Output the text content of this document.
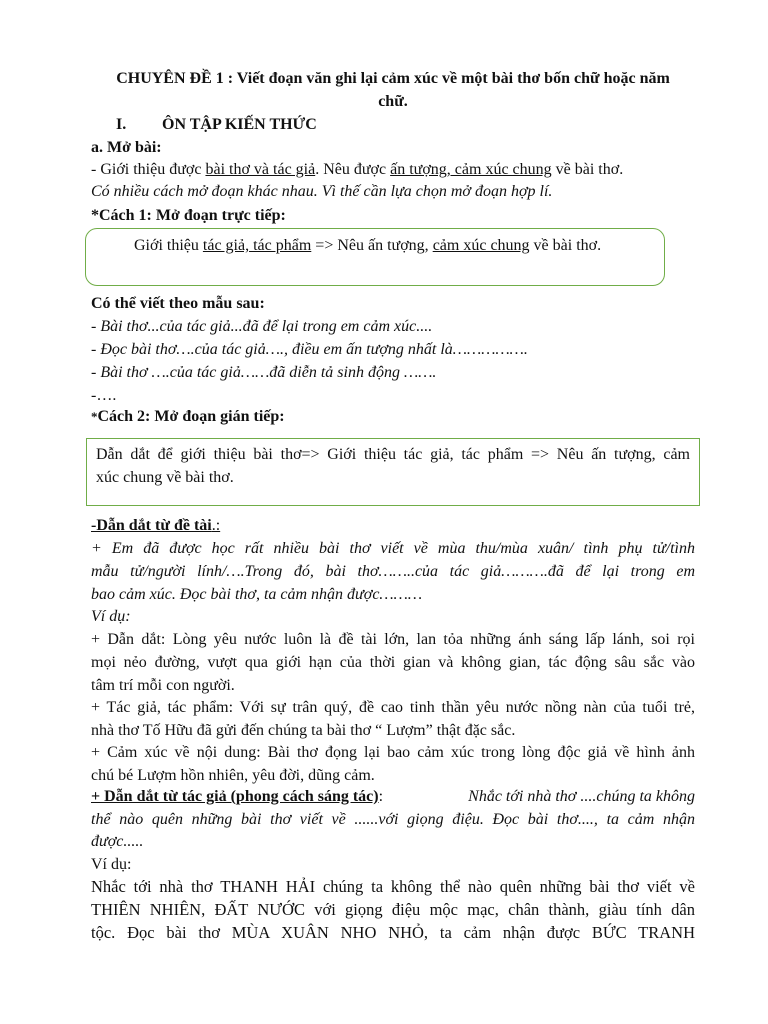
CHUYÊN ĐỀ 1 : Viết đoạn văn ghi lại cảm xúc về một bài thơ bốn chữ hoặc năm
chữ.
I.	ÔN TẬP KIẾN THỨC
a. Mở bài:
- Giới thiệu được bài thơ và tác giả. Nêu được ấn tượng, cảm xúc chung về bài thơ.
Có nhiều cách mở đoạn khác nhau. Vì thế cần lựa chọn mở đoạn hợp lí.
*Cách 1: Mở đoạn trực tiếp:
Giới thiệu tác giả, tác phẩm => Nêu ấn tượng, cảm xúc chung về bài thơ.
Có thể viết theo mẫu sau:
- Bài thơ...của tác giả...đã để lại trong em cảm xúc....
- Đọc bài thơ….của tác giả…., điều em ấn tượng nhất là…………….
- Bài thơ ….của tác giả……đã diễn tả sinh động …….
-….
*Cách 2: Mở đoạn gián tiếp:
Dẫn dắt để giới thiệu bài thơ=> Giới thiệu tác giả, tác phẩm => Nêu ấn tượng, cảm
xúc chung về bài thơ.
-Dẫn dắt từ đề tài.:
+ Em đã được học rất nhiều bài thơ viết về mùa thu/mùa xuân/ tình phụ tử/tình
mẫu tử/người lính/….Trong đó, bài thơ……..của tác giả……….đã để lại trong em
bao cảm xúc. Đọc bài thơ, ta cảm nhận được………
Ví dụ:
+ Dẫn dắt: Lòng yêu nước luôn là đề tài lớn, lan tỏa những ánh sáng lấp lánh, soi rọi
mọi nẻo đường, vượt qua giới hạn của thời gian và không gian, tác động sâu sắc vào
tâm trí mỗi con người.
+ Tác giả, tác phẩm: Với sự trân quý, đề cao tinh thần yêu nước nồng nàn của tuổi trẻ,
nhà thơ Tố Hữu đã gửi đến chúng ta bài thơ “ Lượm” thật đặc sắc.
+ Cảm xúc về nội dung: Bài thơ đọng lại bao cảm xúc trong lòng độc giả về hình ảnh
chú bé Lượm hồn nhiên, yêu đời, dũng cảm.
+ Dẫn dắt từ tác giả (phong cách sáng tác):	Nhắc tới nhà thơ ....chúng ta không
thể nào quên những bài thơ viết về ......với giọng điệu. Đọc bài thơ...., ta cảm nhận
được.....
Ví dụ:
Nhắc tới nhà thơ THANH HẢI chúng ta không thể nào quên những bài thơ viết về
THIÊN NHIÊN, ĐẤT NƯỚC với giọng điệu mộc mạc, chân thành, giàu tính dân
tộc. Đọc bài thơ MÙA XUÂN NHO NHỎ, ta cảm nhận được BỨC TRANH
